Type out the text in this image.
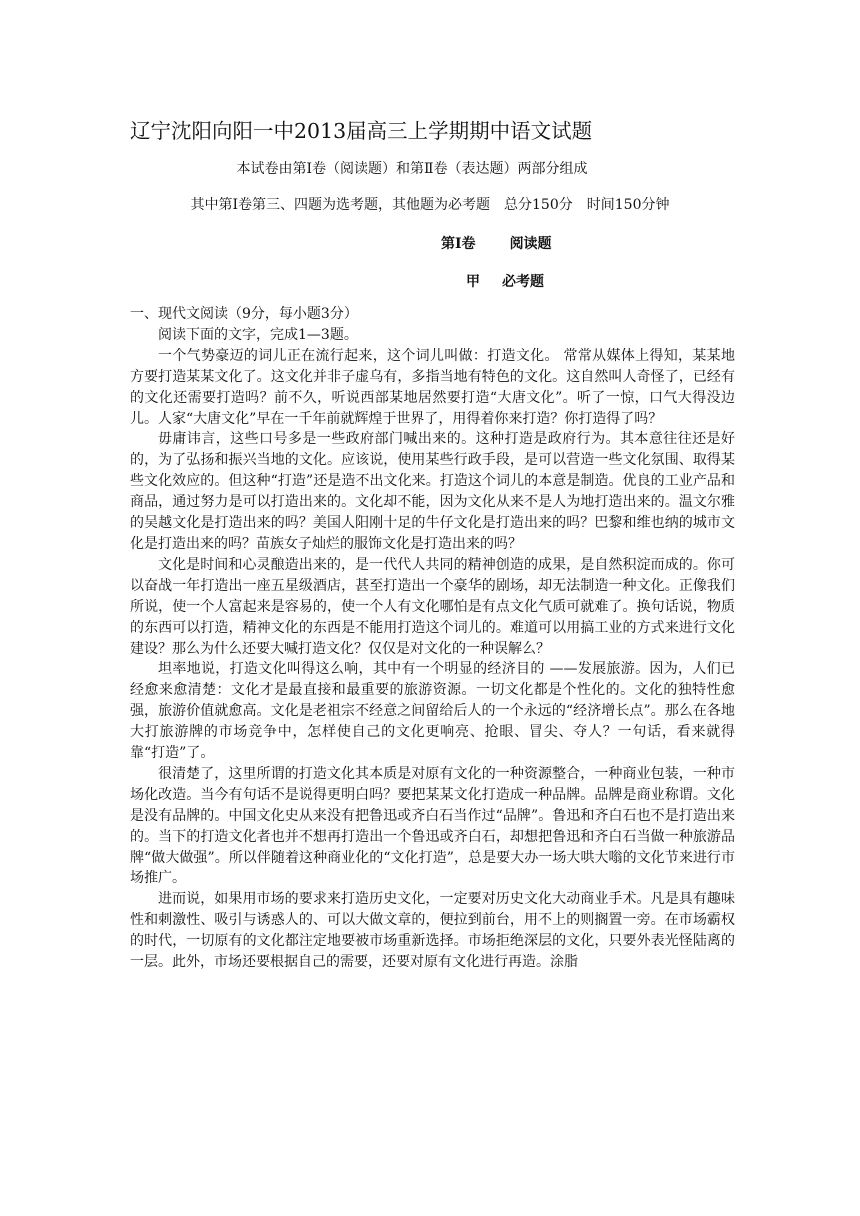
辽宁沈阳向阳一中2013届高三上学期期中语文试题
本试卷由第Ⅰ卷（阅读题）和第Ⅱ卷（表达题）两部分组成
其中第Ⅰ卷第三、四题为选考题，其他题为必考题　总分150分　时间150分钟
第Ⅰ卷 阅读题
甲 必考题

一、现代文阅读（9分，每小题3分）

阅读下面的文字，完成1—3题。

一个气势豪迈的词儿正在流行起来，这个词儿叫做：打造文化。 常常从媒体上得知，某某地方要打造某某文化了。这文化并非子虚乌有，多指当地有特色的文化。这自然叫人奇怪了，已经有的文化还需要打造吗？前不久，听说西部某地居然要打造“大唐文化”。听了一惊，口气大得没边儿。人家“大唐文化”早在一千年前就辉煌于世界了，用得着你来打造？你打造得了吗？

毋庸讳言，这些口号多是一些政府部门喊出来的。这种打造是政府行为。其本意往往还是好的，为了弘扬和振兴当地的文化。应该说，使用某些行政手段，是可以营造一些文化氛围、取得某些文化效应的。但这种“打造”还是造不出文化来。打造这个词儿的本意是制造。优良的工业产品和商品，通过努力是可以打造出来的。文化却不能，因为文化从来不是人为地打造出来的。温文尔雅的吴越文化是打造出来的吗？美国人阳刚十足的牛仔文化是打造出来的吗？巴黎和维也纳的城市文化是打造出来的吗？苗族女子灿烂的服饰文化是打造出来的吗？

文化是时间和心灵酿造出来的，是一代代人共同的精神创造的成果，是自然积淀而成的。你可以奋战一年打造出一座五星级酒店，甚至打造出一个豪华的剧场，却无法制造一种文化。正像我们所说，使一个人富起来是容易的，使一个人有文化哪怕是有点文化气质可就难了。换句话说，物质的东西可以打造，精神文化的东西是不能用打造这个词儿的。难道可以用搞工业的方式来进行文化建设？那么为什么还要大喊打造文化？仅仅是对文化的一种误解么？

坦率地说，打造文化叫得这么响，其中有一个明显的经济目的 ——发展旅游。因为，人们已经愈来愈清楚：文化才是最直接和最重要的旅游资源。一切文化都是个性化的。文化的独特性愈强，旅游价值就愈高。文化是老祖宗不经意之间留给后人的一个永远的“经济增长点”。那么在各地大打旅游牌的市场竞争中，怎样使自己的文化更响亮、抢眼、冒尖、夺人？一句话，看来就得靠“打造”了。

很清楚了，这里所谓的打造文化其本质是对原有文化的一种资源整合，一种商业包装，一种市场化改造。当今有句话不是说得更明白吗？要把某某文化打造成一种品牌。品牌是商业称谓。文化是没有品牌的。中国文化史从来没有把鲁迅或齐白石当作过“品牌”。鲁迅和齐白石也不是打造出来的。当下的打造文化者也并不想再打造出一个鲁迅或齐白石，却想把鲁迅和齐白石当做一种旅游品牌“做大做强”。所以伴随着这种商业化的“文化打造”，总是要大办一场大哄大嗡的文化节来进行市场推广。

进而说，如果用市场的要求来打造历史文化，一定要对历史文化大动商业手术。凡是具有趣味性和刺激性、吸引与诱惑人的、可以大做文章的，便拉到前台，用不上的则搁置一旁。在市场霸权的时代，一切原有的文化都注定地要被市场重新选择。市场拒绝深层的文化，只要外表光怪陆离的一层。此外，市场还要根据自己的需要，还要对原有文化进行再造。涂脂
